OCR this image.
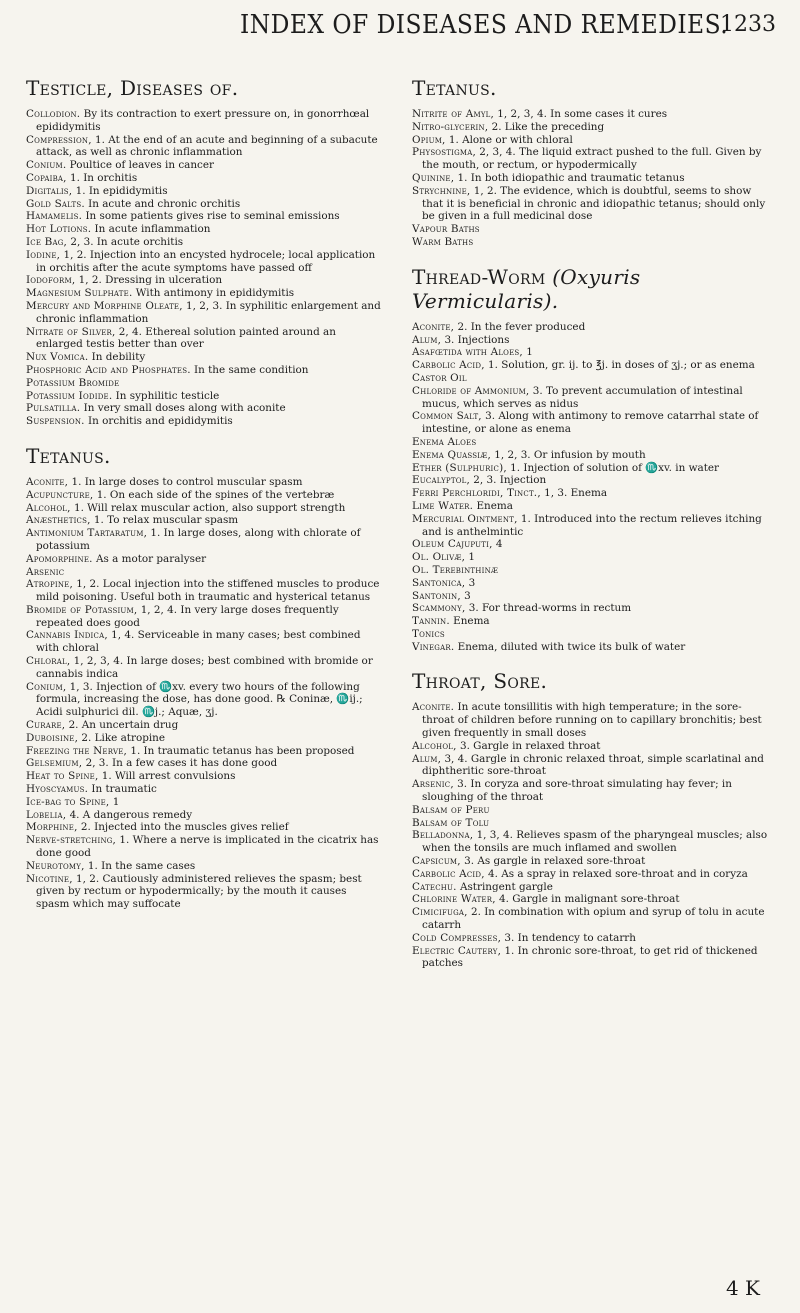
INDEX OF DISEASES AND REMEDIES.
1233
Testicle, Diseases of.

Collodion. By its contraction to exert pressure on, in gonorrhœal epididymitis

Compression, 1. At the end of an acute and beginning of a subacute attack, as well as chronic inflammation

Conium. Poultice of leaves in cancer

Copaiba, 1. In orchitis

Digitalis, 1. In epididymitis

Gold Salts. In acute and chronic orchitis

Hamamelis. In some patients gives rise to seminal emissions

Hot Lotions. In acute inflammation

Ice Bag, 2, 3. In acute orchitis

Iodine, 1, 2. Injection into an encysted hydrocele; local application in orchitis after the acute symptoms have passed off

Iodoform, 1, 2. Dressing in ulceration

Magnesium Sulphate. With antimony in epididymitis

Mercury and Morphine Oleate, 1, 2, 3. In syphilitic enlargement and chronic inflammation

Nitrate of Silver, 2, 4. Ethereal solution painted around an enlarged testis better than over

Nux Vomica. In debility

Phosphoric Acid and Phosphates. In the same condition

Potassium Bromide

Potassium Iodide. In syphilitic testicle

Pulsatilla. In very small doses along with aconite

Suspension. In orchitis and epididymitis

Tetanus.

Aconite, 1. In large doses to control muscular spasm

Acupuncture, 1. On each side of the spines of the vertebræ

Alcohol, 1. Will relax muscular action, also support strength

Anæsthetics, 1. To relax muscular spasm

Antimonium Tartaratum, 1. In large doses, along with chlorate of potassium

Apomorphine. As a motor paralyser

Arsenic

Atropine, 1, 2. Local injection into the stiffened muscles to produce mild poisoning. Useful both in traumatic and hysterical tetanus

Bromide of Potassium, 1, 2, 4. In very large doses frequently repeated does good

Cannabis Indica, 1, 4. Serviceable in many cases; best combined with chloral

Chloral, 1, 2, 3, 4. In large doses; best combined with bromide or cannabis indica

Conium, 1, 3. Injection of ♏xv. every two hours of the following formula, increasing the dose, has done good. ℞ Coninæ, ♏ij.; Acidi sulphurici dil. ♏j.; Aquæ, ʒj.

Curare, 2. An uncertain drug

Duboisine, 2. Like atropine

Freezing the Nerve, 1. In traumatic tetanus has been proposed

Gelsemium, 2, 3. In a few cases it has done good

Heat to Spine, 1. Will arrest convulsions

Hyoscyamus. In traumatic

Ice-bag to Spine, 1

Lobelia, 4. A dangerous remedy

Morphine, 2. Injected into the muscles gives relief

Nerve-stretching, 1. Where a nerve is implicated in the cicatrix has done good

Neurotomy, 1. In the same cases

Nicotine, 1, 2. Cautiously administered relieves the spasm; best given by rectum or hypodermically; by the mouth it causes spasm which may suffocate

Tetanus.

Nitrite of Amyl, 1, 2, 3, 4. In some cases it cures

Nitro-glycerin, 2. Like the preceding

Opium, 1. Alone or with chloral

Physostigma, 2, 3, 4. The liquid extract pushed to the full. Given by the mouth, or rectum, or hypodermically

Quinine, 1. In both idiopathic and traumatic tetanus

Strychnine, 1, 2. The evidence, which is doubtful, seems to show that it is beneficial in chronic and idiopathic tetanus; should only be given in a full medicinal dose

Vapour Baths

Warm Baths

Thread-Worm (Oxyuris Vermicularis).

Aconite, 2. In the fever produced

Alum, 3. Injections

Asafœtida with Aloes, 1

Carbolic Acid, 1. Solution, gr. ij. to ℥j. in doses of ʒj.; or as enema

Castor Oil

Chloride of Ammonium, 3. To prevent accumulation of intestinal mucus, which serves as nidus

Common Salt, 3. Along with antimony to remove catarrhal state of intestine, or alone as enema

Enema Aloes

Enema Quassiæ, 1, 2, 3. Or infusion by mouth

Ether (Sulphuric), 1. Injection of solution of ♏xv. in water

Eucalyptol, 2, 3. Injection

Ferri Perchloridi, Tinct., 1, 3. Enema

Lime Water. Enema

Mercurial Ointment, 1. Introduced into the rectum relieves itching and is anthelmintic

Oleum Cajuputi, 4

Ol. Olivæ, 1

Ol. Terebinthinæ

Santonica, 3

Santonin, 3

Scammony, 3. For thread-worms in rectum

Tannin. Enema

Tonics

Vinegar. Enema, diluted with twice its bulk of water

Throat, Sore.

Aconite. In acute tonsillitis with high temperature; in the sore-throat of children before running on to capillary bronchitis; best given frequently in small doses

Alcohol, 3. Gargle in relaxed throat

Alum, 3, 4. Gargle in chronic relaxed throat, simple scarlatinal and diphtheritic sore-throat

Arsenic, 3. In coryza and sore-throat simulating hay fever; in sloughing of the throat

Balsam of Peru

Balsam of Tolu

Belladonna, 1, 3, 4. Relieves spasm of the pharyngeal muscles; also when the tonsils are much inflamed and swollen

Capsicum, 3. As gargle in relaxed sore-throat

Carbolic Acid, 4. As a spray in relaxed sore-throat and in coryza

Catechu. Astringent gargle

Chlorine Water, 4. Gargle in malignant sore-throat

Cimicifuga, 2. In combination with opium and syrup of tolu in acute catarrh

Cold Compresses, 3. In tendency to catarrh

Electric Cautery, 1. In chronic sore-throat, to get rid of thickened patches

4 K
